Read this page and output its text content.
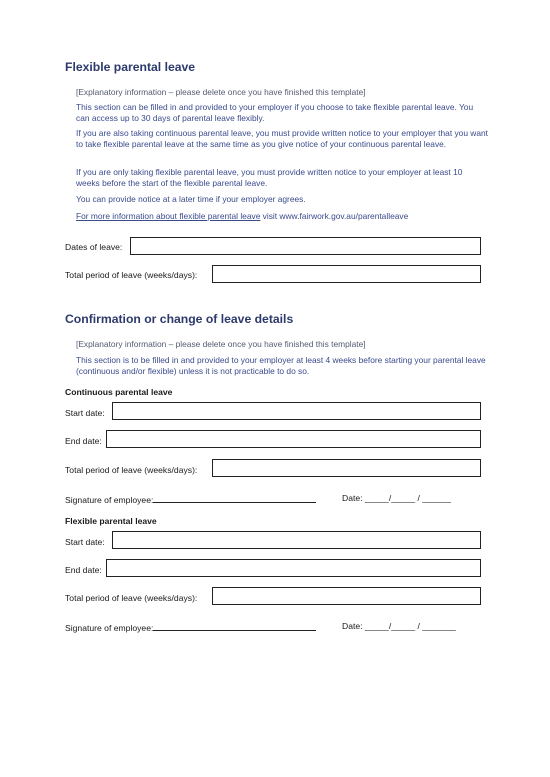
Flexible parental leave
[Explanatory information – please delete once you have finished this template]
This section can be filled in and provided to your employer if you choose to take flexible parental leave. You can access up to 30 days of parental leave flexibly.
If you are also taking continuous parental leave, you must provide written notice to your employer that you want to take flexible parental leave at the same time as you give notice of your continuous parental leave.
If you are only taking flexible parental leave, you must provide written notice to your employer at least 10 weeks before the start of the flexible parental leave.
You can provide notice at a later time if your employer agrees.
For more information about flexible parental leave visit www.fairwork.gov.au/parentalleave
Dates of leave:
Total period of leave (weeks/days):
Confirmation or change of leave details
[Explanatory information – please delete once you have finished this template]
This section is to be filled in and provided to your employer at least 4 weeks before starting your parental leave (continuous and/or flexible) unless it is not practicable to do so.
Continuous parental leave
Start date:
End date:
Total period of leave (weeks/days):
Signature of employee:	Date: _____/_____ / ______
Flexible parental leave
Start date:
End date:
Total period of leave (weeks/days):
Signature of employee:	Date: _____/_____ / _______
